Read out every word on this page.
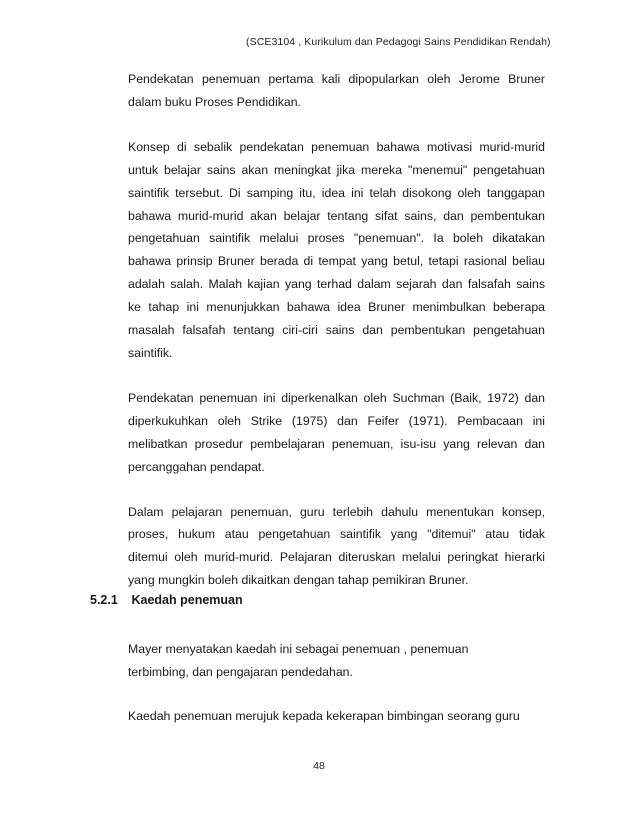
(SCE3104 , Kurikulum dan Pedagogi Sains Pendidikan Rendah)

Pendekatan penemuan pertama kali dipopularkan oleh Jerome Bruner
dalam buku Proses Pendidikan.

Konsep di sebalik pendekatan penemuan bahawa motivasi murid-murid
untuk belajar sains akan meningkat jika mereka "menemui" pengetahuan
saintifik tersebut. Di samping itu, idea ini telah disokong oleh tanggapan
bahawa murid-murid akan belajar tentang sifat sains, dan pembentukan
pengetahuan saintifik melalui proses "penemuan". Ia boleh dikatakan
bahawa prinsip Bruner berada di tempat yang betul, tetapi rasional beliau
adalah salah. Malah kajian yang terhad dalam sejarah dan falsafah sains
ke tahap ini menunjukkan bahawa idea Bruner menimbulkan beberapa
masalah falsafah tentang ciri-ciri sains dan pembentukan pengetahuan
saintifik.

Pendekatan penemuan ini diperkenalkan oleh Suchman (Baik, 1972) dan
diperkukuhkan oleh Strike (1975) dan Feifer (1971). Pembacaan ini
melibatkan prosedur pembelajaran penemuan, isu-isu yang relevan dan
percanggahan pendapat.

Dalam pelajaran penemuan, guru terlebih dahulu menentukan konsep,
proses, hukum atau pengetahuan saintifik yang "ditemui" atau tidak
ditemui oleh murid-murid. Pelajaran diteruskan melalui peringkat hierarki
yang mungkin boleh dikaitkan dengan tahap pemikiran Bruner.

5.2.1 Kaedah penemuan

Mayer menyatakan kaedah ini sebagai penemuan , penemuan
terbimbing, dan pengajaran pendedahan.

Kaedah penemuan merujuk kepada kekerapan bimbingan seorang guru

48
